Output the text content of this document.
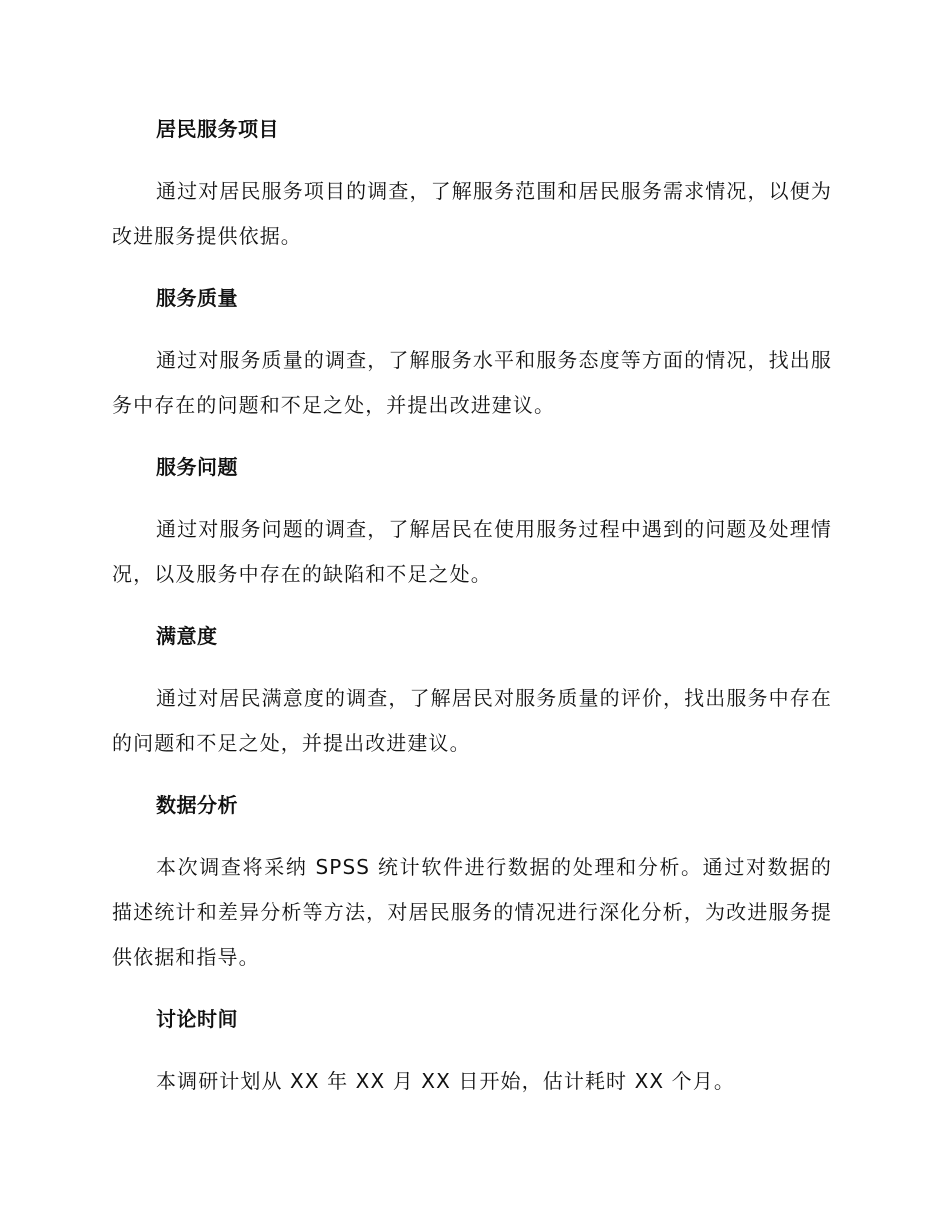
居民服务项目

通过对居民服务项目的调查，了解服务范围和居民服务需求情况，以便为改进服务提供依据。

服务质量

通过对服务质量的调查，了解服务水平和服务态度等方面的情况，找出服务中存在的问题和不足之处，并提出改进建议。

服务问题

通过对服务问题的调查，了解居民在使用服务过程中遇到的问题及处理情况，以及服务中存在的缺陷和不足之处。

满意度

通过对居民满意度的调查，了解居民对服务质量的评价，找出服务中存在的问题和不足之处，并提出改进建议。

数据分析

本次调查将采纳 SPSS 统计软件进行数据的处理和分析。通过对数据的描述统计和差异分析等方法，对居民服务的情况进行深化分析，为改进服务提供依据和指导。

讨论时间

本调研计划从 XX 年 XX 月 XX 日开始，估计耗时 XX 个月。
